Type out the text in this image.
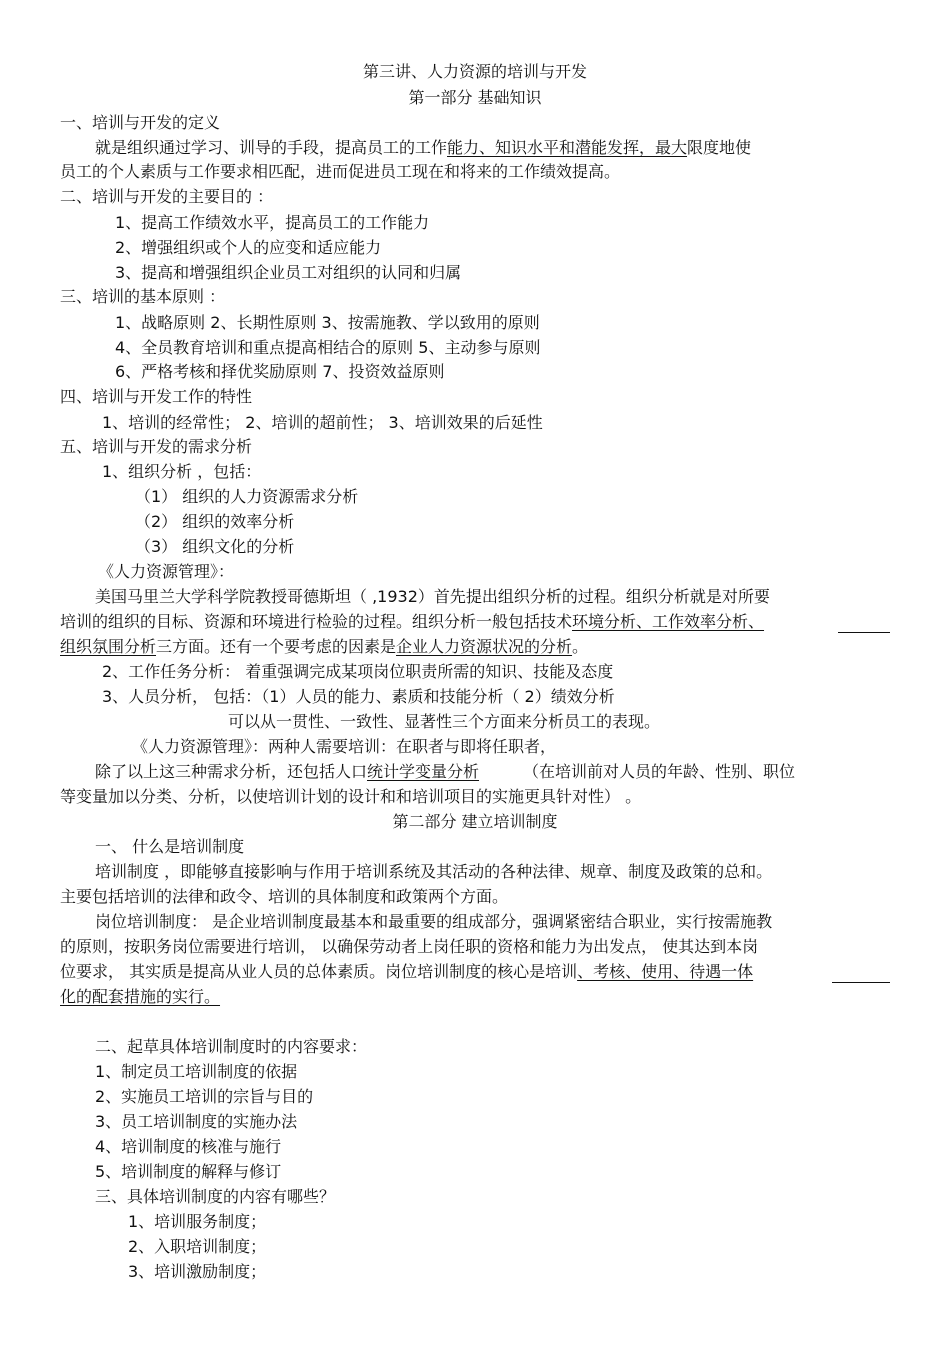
第三讲、人力资源的培训与开发
第一部分 基础知识
一、培训与开发的定义
就是组织通过学习、训导的手段，提高员工的工作能力、知识水平和潜能发挥，最大限度地使
员工的个人素质与工作要求相匹配，进而促进员工现在和将来的工作绩效提高。
二、培训与开发的主要目的 ：
1、提高工作绩效水平，提高员工的工作能力
2、增强组织或个人的应变和适应能力
3、提高和增强组织企业员工对组织的认同和归属
三、培训的基本原则 ：
1、战略原则 2、长期性原则 3、按需施教、学以致用的原则
4、全员教育培训和重点提高相结合的原则 5、主动参与原则
6、严格考核和择优奖励原则 7、投资效益原则
四、培训与开发工作的特性
1、培训的经常性； 2、培训的超前性； 3、培训效果的后延性
五、培训与开发的需求分析
1、组织分析 ，包括：
（1） 组织的人力资源需求分析
（2） 组织的效率分析
（3） 组织文化的分析
《人力资源管理》：
美国马里兰大学科学院教授哥德斯坦（ ,1932）首先提出组织分析的过程。组织分析就是对所要
培训的组织的目标、资源和环境进行检验的过程。组织分析一般包括技术环境分析、工作效率分析、
组织氛围分析三方面。还有一个要考虑的因素是企业人力资源状况的分析。
2、工作任务分析： 着重强调完成某项岗位职责所需的知识、技能及态度
3、人员分析， 包括：（1）人员的能力、素质和技能分析（ 2）绩效分析
可以从一贯性、一致性、显著性三个方面来分析员工的表现。
《人力资源管理》：两种人需要培训：在职者与即将任职者，
除了以上这三种需求分析，还包括人口统计学变量分析	（在培训前对人员的年龄、性别、职位
等变量加以分类、分析，以使培训计划的设计和和培训项目的实施更具针对性） 。
第二部分 建立培训制度
一、 什么是培训制度
培训制度 ，即能够直接影响与作用于培训系统及其活动的各种法律、规章、制度及政策的总和。
主要包括培训的法律和政令、培训的具体制度和政策两个方面。
岗位培训制度： 是企业培训制度最基本和最重要的组成部分，强调紧密结合职业，实行按需施教
的原则，按职务岗位需要进行培训， 以确保劳动者上岗任职的资格和能力为出发点， 使其达到本岗
位要求， 其实质是提高从业人员的总体素质。岗位培训制度的核心是培训、考核、使用、待遇一体
化的配套措施的实行。
二、起草具体培训制度时的内容要求：
1、制定员工培训制度的依据
2、实施员工培训的宗旨与目的
3、员工培训制度的实施办法
4、培训制度的核准与施行
5、培训制度的解释与修订
三、具体培训制度的内容有哪些？
1、培训服务制度；
2、入职培训制度；
3、培训激励制度；
